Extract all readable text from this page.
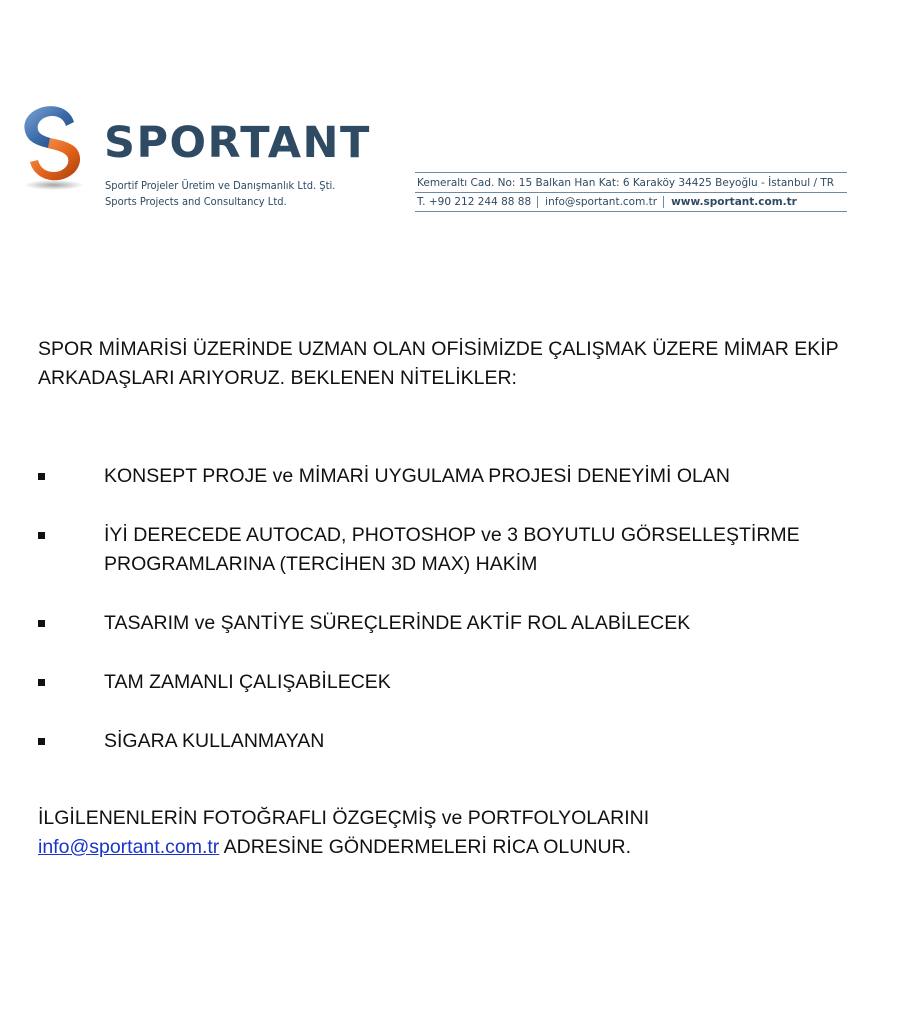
SPORTANT
Sportif Projeler Üretim ve Danışmanlık Ltd. Şti.
Sports Projects and Consultancy Ltd.
Kemeraltı Cad. No: 15 Balkan Han Kat: 6 Karaköy 34425 Beyoğlu - İstanbul / TR
T. +90 212 244 88 88	info@sportant.com.tr	www.sportant.com.tr

SPOR MİMARİSİ ÜZERİNDE UZMAN OLAN OFİSİMİZDE ÇALIŞMAK ÜZERE MİMAR EKİP ARKADAŞLARI ARIYORUZ. BEKLENEN NİTELİKLER:

KONSEPT PROJE ve MİMARİ UYGULAMA PROJESİ DENEYİMİ OLAN
İYİ DERECEDE AUTOCAD, PHOTOSHOP ve 3 BOYUTLU GÖRSELLEŞTİRME PROGRAMLARINA (TERCİHEN 3D MAX) HAKİM
TASARIM ve ŞANTİYE SÜREÇLERİNDE AKTİF ROL ALABİLECEK
TAM ZAMANLI ÇALIŞABİLECEK
SİGARA KULLANMAYAN

İLGİLENENLERİN FOTOĞRAFLI ÖZGEÇMİŞ ve PORTFOLYOLARINI
info@sportant.com.tr ADRESİNE GÖNDERMELERİ RİCA OLUNUR.
